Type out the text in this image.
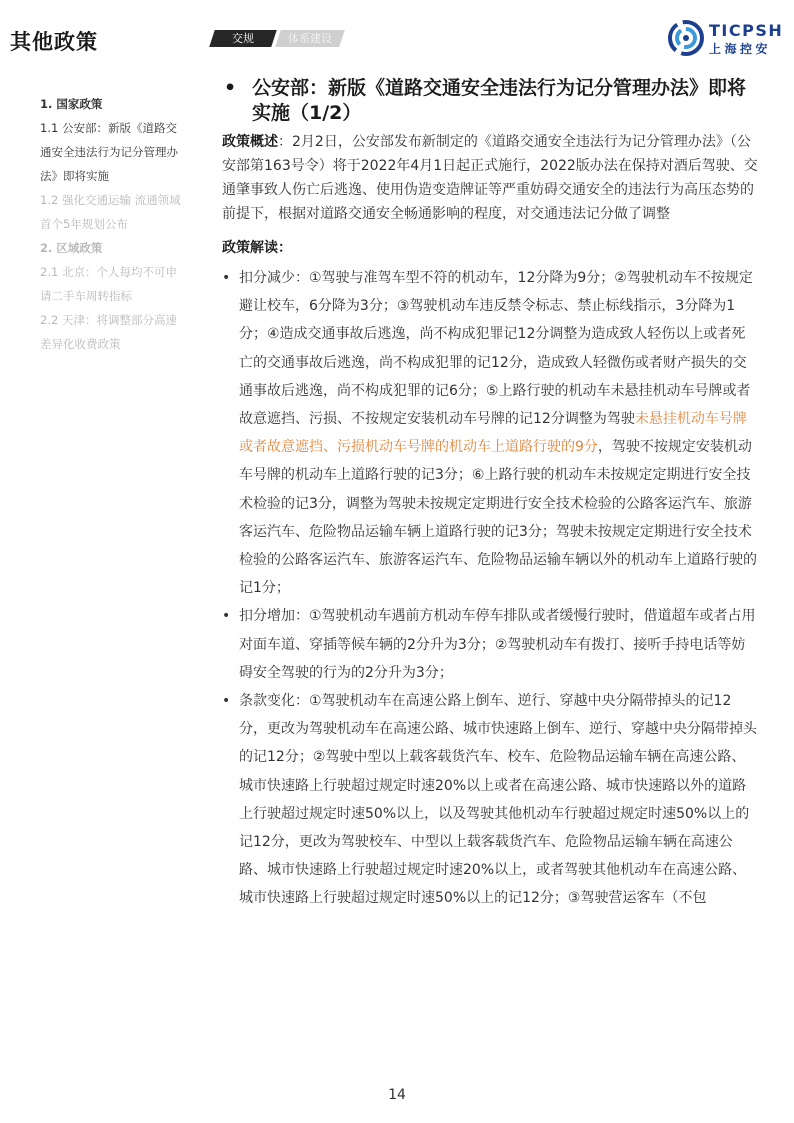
其他政策	交规	体系建设	TICPSH
上海控安
1. 国家政策
1.1 公安部：新版《道路交
通安全违法行为记分管理办
法》即将实施
1.2 强化交通运输 流通领域
首个5年规划公布
2. 区域政策
2.1 北京：个人每均不可申
请二手车周转指标
2.2 天津：将调整部分高速
差异化收费政策
• 公安部：新版《道路交通安全违法行为记分管理办法》即将实施（1/2）
政策概述：2月2日，公安部发布新制定的《道路交通安全违法行为记分管理办法》（公安部第163号令）将于2022年4月1日起正式施行，2022版办法在保持对酒后驾驶、交通肇事致人伤亡后逃逸、使用伪造变造牌证等严重妨碍交通安全的违法行为高压态势的前提下，根据对道路交通安全畅通影响的程度，对交通违法记分做了调整
政策解读：
• 扣分减少：①驾驶与准驾车型不符的机动车，12分降为9分；②驾驶机动车不按规定避让校车，6分降为3分；③驾驶机动车违反禁令标志、禁止标线指示，3分降为1分；④造成交通事故后逃逸，尚不构成犯罪记12分调整为造成致人轻伤以上或者死亡的交通事故后逃逸，尚不构成犯罪的记12分，造成致人轻微伤或者财产损失的交通事故后逃逸，尚不构成犯罪的记6分；⑤上路行驶的机动车未悬挂机动车号牌或者故意遮挡、污损、不按规定安装机动车号牌的记12分调整为驾驶未悬挂机动车号牌或者故意遮挡、污损机动车号牌的机动车上道路行驶的9分，驾驶不按规定安装机动车号牌的机动车上道路行驶的记3分；⑥上路行驶的机动车未按规定定期进行安全技术检验的记3分，调整为驾驶未按规定定期进行安全技术检验的公路客运汽车、旅游客运汽车、危险物品运输车辆上道路行驶的记3分；驾驶未按规定定期进行安全技术检验的公路客运汽车、旅游客运汽车、危险物品运输车辆以外的机动车上道路行驶的记1分；
• 扣分增加：①驾驶机动车遇前方机动车停车排队或者缓慢行驶时，借道超车或者占用对面车道、穿插等候车辆的2分升为3分；②驾驶机动车有拨打、接听手持电话等妨碍安全驾驶的行为的2分升为3分；
• 条款变化：①驾驶机动车在高速公路上倒车、逆行、穿越中央分隔带掉头的记12分，更改为驾驶机动车在高速公路、城市快速路上倒车、逆行、穿越中央分隔带掉头的记12分；②驾驶中型以上载客载货汽车、校车、危险物品运输车辆在高速公路、城市快速路上行驶超过规定时速20%以上或者在高速公路、城市快速路以外的道路上行驶超过规定时速50%以上，以及驾驶其他机动车行驶超过规定时速50%以上的记12分，更改为驾驶校车、中型以上载客载货汽车、危险物品运输车辆在高速公路、城市快速路上行驶超过规定时速20%以上，或者驾驶其他机动车在高速公路、城市快速路上行驶超过规定时速50%以上的记12分；③驾驶营运客车（不包
14
